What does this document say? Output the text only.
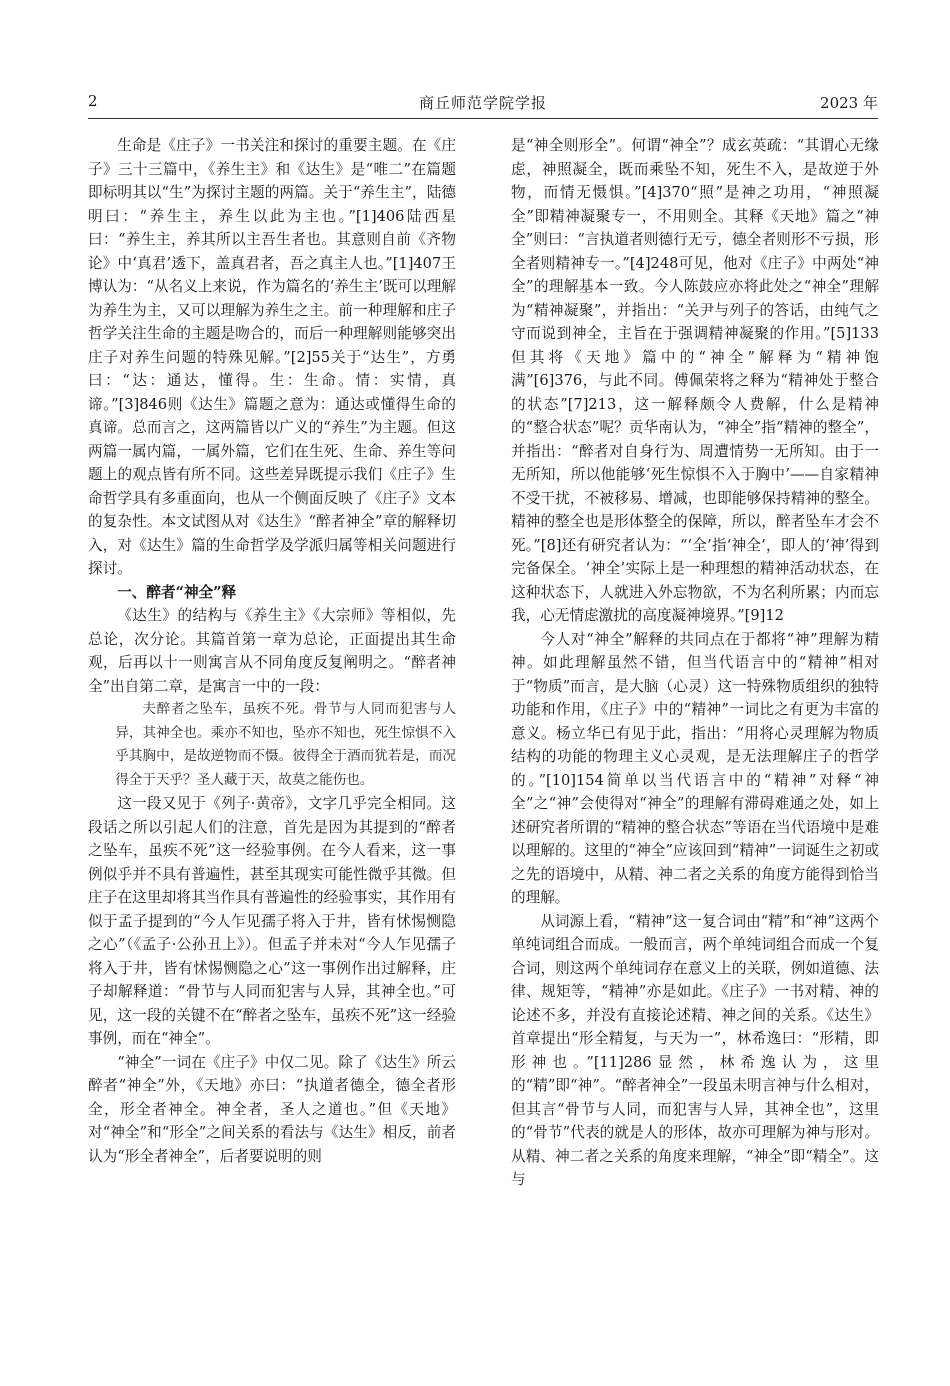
2	商丘师范学院学报	2023 年

生命是《庄子》一书关注和探讨的重要主题。在《庄子》三十三篇中，《养生主》和《达生》是“唯二”在篇题即标明其以“生”为探讨主题的两篇。关于“养生主”，陆德明曰：“养生主，养生以此为主也。”[1]406陆西星曰：“养生主，养其所以主吾生者也。其意则自前《齐物论》中‘真君’透下，盖真君者，吾之真主人也。”[1]407王博认为：“从名义上来说，作为篇名的‘养生主’既可以理解为养生为主，又可以理解为养生之主。前一种理解和庄子哲学关注生命的主题是吻合的，而后一种理解则能够突出庄子对养生问题的特殊见解。”[2]55关于“达生”，方勇曰：“达：通达，懂得。生：生命。情：实情，真谛。”[3]846则《达生》篇题之意为：通达或懂得生命的真谛。总而言之，这两篇皆以广义的“养生”为主题。但这两篇一属内篇，一属外篇，它们在生死、生命、养生等问题上的观点皆有所不同。这些差异既提示我们《庄子》生命哲学具有多重面向，也从一个侧面反映了《庄子》文本的复杂性。本文试图从对《达生》“醉者神全”章的解释切入，对《达生》篇的生命哲学及学派归属等相关问题进行探讨。

一、醉者“神全”释

《达生》的结构与《养生主》《大宗师》等相似，先总论，次分论。其篇首第一章为总论，正面提出其生命观，后再以十一则寓言从不同角度反复阐明之。“醉者神全”出自第二章，是寓言一中的一段：

夫醉者之坠车，虽疾不死。骨节与人同而犯害与人异，其神全也。乘亦不知也，坠亦不知也，死生惊惧不入乎其胸中，是故逆物而不慑。彼得全于酒而犹若是，而况得全于天乎？圣人藏于天，故莫之能伤也。

这一段又见于《列子·黄帝》，文字几乎完全相同。这段话之所以引起人们的注意，首先是因为其提到的“醉者之坠车，虽疾不死”这一经验事例。在今人看来，这一事例似乎并不具有普遍性，甚至其现实可能性微乎其微。但庄子在这里却将其当作具有普遍性的经验事实，其作用有似于孟子提到的“今人乍见孺子将入于井，皆有怵惕恻隐之心”（《孟子·公孙丑上》）。但孟子并未对“今人乍见孺子将入于井，皆有怵惕恻隐之心”这一事例作出过解释，庄子却解释道：“骨节与人同而犯害与人异，其神全也。”可见，这一段的关键不在“醉者之坠车，虽疾不死”这一经验事例，而在“神全”。

“神全”一词在《庄子》中仅二见。除了《达生》所云醉者“神全”外，《天地》亦曰：“执道者德全，德全者形全，形全者神全。神全者，圣人之道也。”但《天地》对“神全”和“形全”之间关系的看法与《达生》相反，前者认为“形全者神全”，后者要说明的则

是“神全则形全”。何谓“神全”？成玄英疏：“其谓心无缘虑，神照凝全，既而乘坠不知，死生不入，是故逆于外物，而情无慑惧。”[4]370“照”是神之功用，“神照凝全”即精神凝聚专一，不用则全。其释《天地》篇之“神全”则曰：“言执道者则德行无亏，德全者则形不亏损，形全者则精神专一。”[4]248可见，他对《庄子》中两处“神全”的理解基本一致。今人陈鼓应亦将此处之“神全”理解为“精神凝聚”，并指出：“关尹与列子的答话，由纯气之守而说到神全，主旨在于强调精神凝聚的作用。”[5]133但其将《天地》篇中的“神全”解释为“精神饱满”[6]376，与此不同。傅佩荣将之释为“精神处于整合的状态”[7]213，这一解释颇令人费解，什么是精神的“整合状态”呢？贡华南认为，“神全”指“精神的整全”，并指出：“醉者对自身行为、周遭情势一无所知。由于一无所知，所以他能够‘死生惊惧不入于胸中’——自家精神不受干扰，不被移易、增减，也即能够保持精神的整全。精神的整全也是形体整全的保障，所以，醉者坠车才会不死。”[8]还有研究者认为：“‘全’指‘神全’，即人的‘神’得到完备保全。‘神全’实际上是一种理想的精神活动状态，在这种状态下，人就进入外忘物欲，不为名利所累；内而忘我，心无情虑激扰的高度凝神境界。”[9]12

今人对“神全”解释的共同点在于都将“神”理解为精神。如此理解虽然不错，但当代语言中的“精神”相对于“物质”而言，是大脑（心灵）这一特殊物质组织的独特功能和作用，《庄子》中的“精神”一词比之有更为丰富的意义。杨立华已有见于此，指出：“用将心灵理解为物质结构的功能的物理主义心灵观，是无法理解庄子的哲学的。”[10]154简单以当代语言中的“精神”对释“神全”之“神”会使得对“神全”的理解有滞碍难通之处，如上述研究者所谓的“精神的整合状态”等语在当代语境中是难以理解的。这里的“神全”应该回到“精神”一词诞生之初或之先的语境中，从精、神二者之关系的角度方能得到恰当的理解。

从词源上看，“精神”这一复合词由“精”和“神”这两个单纯词组合而成。一般而言，两个单纯词组合而成一个复合词，则这两个单纯词存在意义上的关联，例如道德、法律、规矩等，“精神”亦是如此。《庄子》一书对精、神的论述不多，并没有直接论述精、神之间的关系。《达生》首章提出“形全精复，与天为一”，林希逸曰：“形精，即形神也。”[11]286显然，林希逸认为，这里的“精”即“神”。“醉者神全”一段虽未明言神与什么相对，但其言“骨节与人同，而犯害与人异，其神全也”，这里的“骨节”代表的就是人的形体，故亦可理解为神与形对。从精、神二者之关系的角度来理解，“神全”即“精全”。这与
